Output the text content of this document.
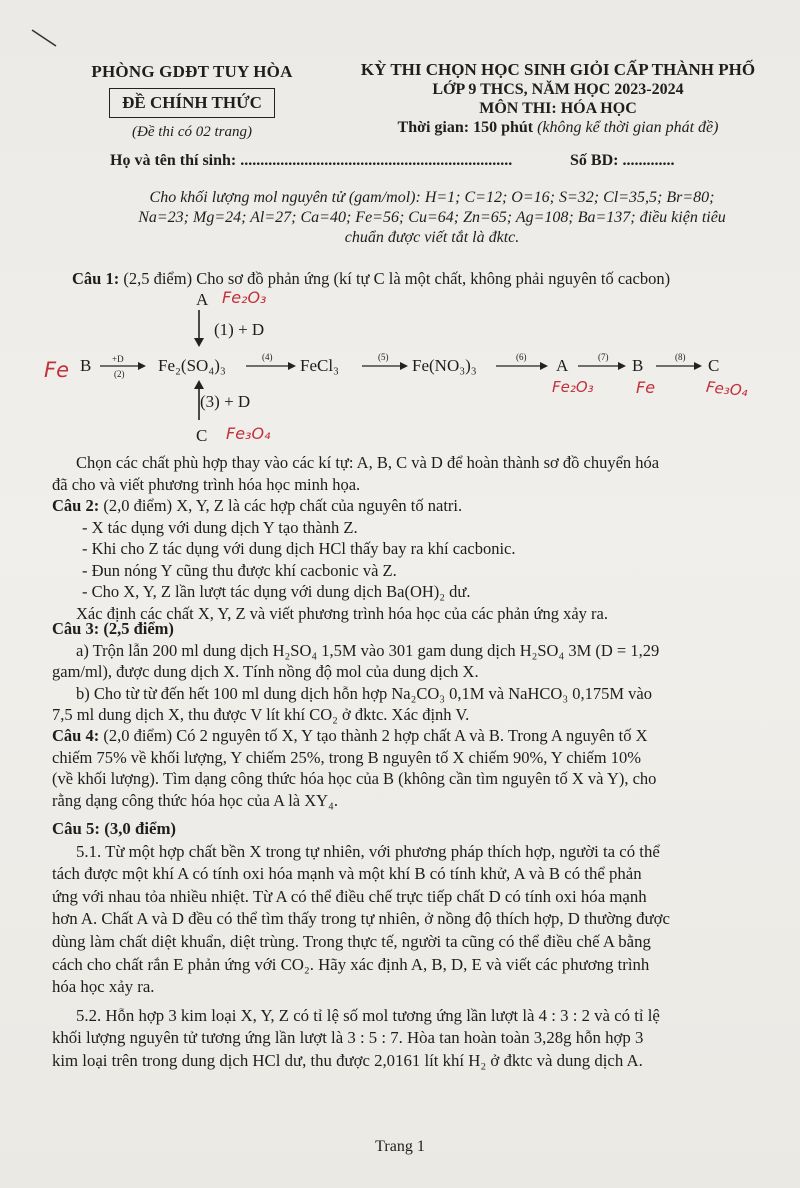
PHÒNG GDĐT TUY HÒA
ĐỀ CHÍNH THỨC
(Đề thi có 02 trang)
KỲ THI CHỌN HỌC SINH GIỎI CẤP THÀNH PHỐ
LỚP 9 THCS, NĂM HỌC 2023-2024
MÔN THI: HÓA HỌC
Thời gian: 150 phút (không kể thời gian phát đề)
Họ và tên thí sinh: ....................................................................	Số BD: .............
Cho khối lượng mol nguyên tử (gam/mol): H=1; C=12; O=16; S=32; Cl=35,5; Br=80;
Na=23; Mg=24; Al=27; Ca=40; Fe=56; Cu=64; Zn=65; Ag=108; Ba=137; điều kiện tiêu
chuẩn được viết tắt là đktc.
Câu 1: (2,5 điểm) Cho sơ đồ phản ứng (kí tự C là một chất, không phải nguyên tố cacbon)
A
(1) + D
B +D
(2) Fe₂(SO₄)₃	(4) FeCl₃	(5) Fe(NO₃)₃	(6) A	(7) B	(8) C
(3) + D
C
Fe₂O₃
Fe
Fe₃O₄
Fe₂O₃	Fe	Fe₃O₄

Chọn các chất phù hợp thay vào các kí tự: A, B, C và D để hoàn thành sơ đồ chuyển hóa

đã cho và viết phương trình hóa học minh họa.

Câu 2: (2,0 điểm) X, Y, Z là các hợp chất của nguyên tố natri.

- X tác dụng với dung dịch Y tạo thành Z.

- Khi cho Z tác dụng với dung dịch HCl thấy bay ra khí cacbonic.

- Đun nóng Y cũng thu được khí cacbonic và Z.

- Cho X, Y, Z lần lượt tác dụng với dung dịch Ba(OH)₂ dư.

Xác định các chất X, Y, Z và viết phương trình hóa học của các phản ứng xảy ra.

Câu 3: (2,5 điểm)

a) Trộn lẫn 200 ml dung dịch H₂SO₄ 1,5M vào 301 gam dung dịch H₂SO₄ 3M (D = 1,29

gam/ml), được dung dịch X. Tính nồng độ mol của dung dịch X.

b) Cho từ từ đến hết 100 ml dung dịch hỗn hợp Na₂CO₃ 0,1M và NaHCO₃ 0,175M vào

7,5 ml dung dịch X, thu được V lít khí CO₂ ở đktc. Xác định V.

Câu 4: (2,0 điểm) Có 2 nguyên tố X, Y tạo thành 2 hợp chất A và B. Trong A nguyên tố X

chiếm 75% về khối lượng, Y chiếm 25%, trong B nguyên tố X chiếm 90%, Y chiếm 10%

(về khối lượng). Tìm dạng công thức hóa học của B (không cần tìm nguyên tố X và Y), cho

rằng dạng công thức hóa học của A là XY₄.

Câu 5: (3,0 điểm)

5.1. Từ một hợp chất bền X trong tự nhiên, với phương pháp thích hợp, người ta có thể

tách được một khí A có tính oxi hóa mạnh và một khí B có tính khử, A và B có thể phản

ứng với nhau tỏa nhiều nhiệt. Từ A có thể điều chế trực tiếp chất D có tính oxi hóa mạnh

hơn A. Chất A và D đều có thể tìm thấy trong tự nhiên, ở nồng độ thích hợp, D thường được

dùng làm chất diệt khuẩn, diệt trùng. Trong thực tế, người ta cũng có thể điều chế A bằng

cách cho chất rắn E phản ứng với CO₂. Hãy xác định A, B, D, E và viết các phương trình

hóa học xảy ra.

5.2. Hỗn hợp 3 kim loại X, Y, Z có tỉ lệ số mol tương ứng lần lượt là 4 : 3 : 2 và có tỉ lệ

khối lượng nguyên tử tương ứng lần lượt là 3 : 5 : 7. Hòa tan hoàn toàn 3,28g hỗn hợp 3

kim loại trên trong dung dịch HCl dư, thu được 2,0161 lít khí H₂ ở đktc và dung dịch A.

Trang 1
